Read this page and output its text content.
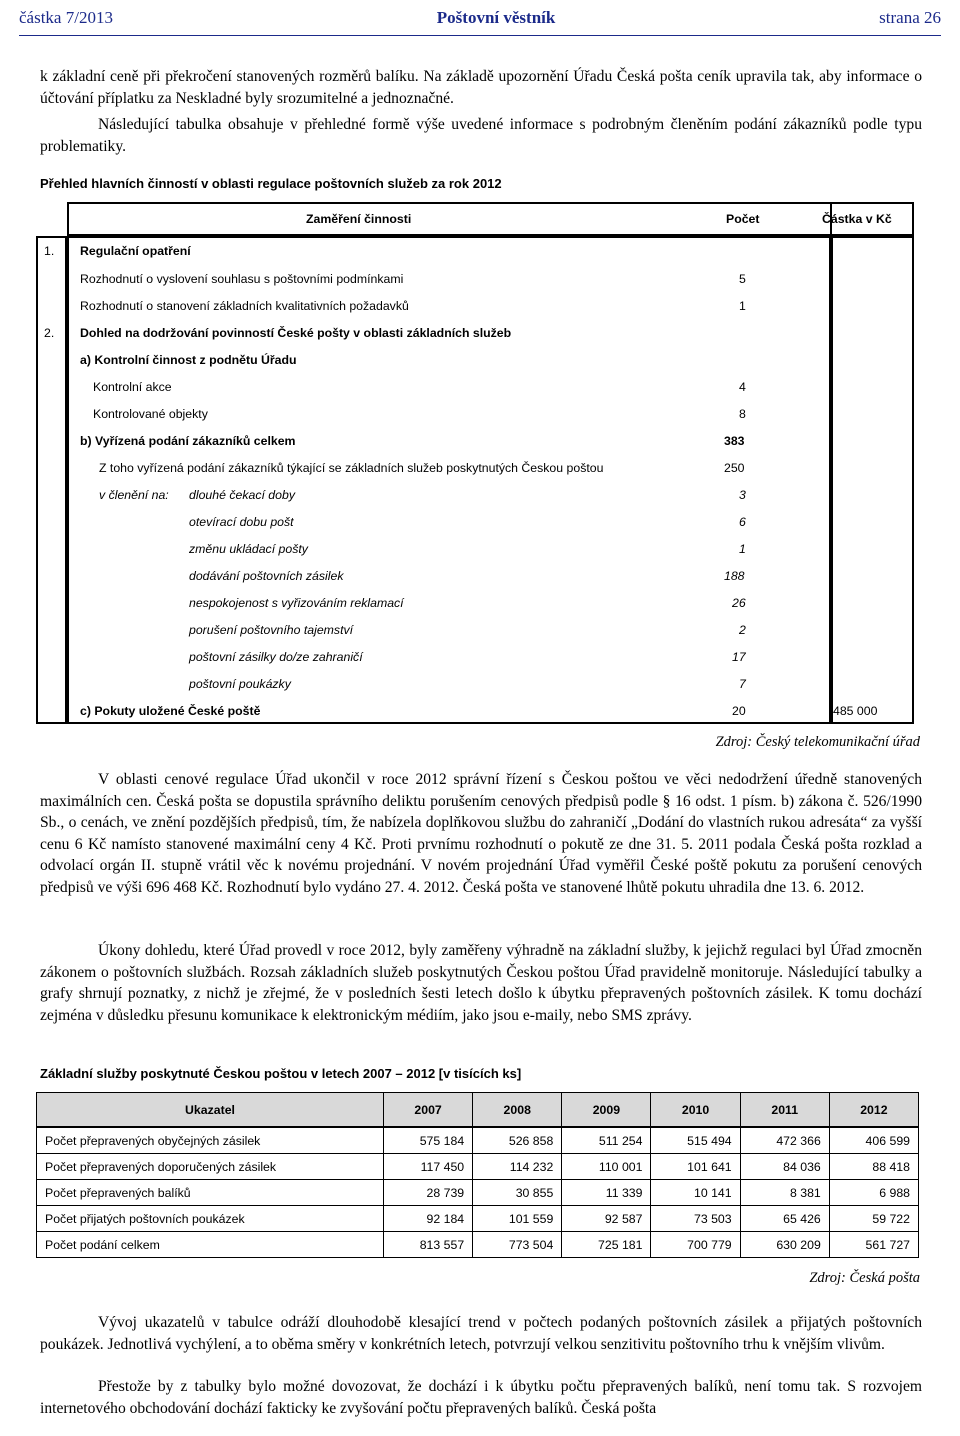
částka 7/2013	Poštovní věstník	strana 26

k základní ceně při překročení stanovených rozměrů balíku. Na základě upozornění Úřadu Česká pošta ceník upravila tak, aby informace o účtování příplatku za Neskladné byly srozumitelné a jednoznačné.

Následující tabulka obsahuje v přehledné formě výše uvedené informace s podrobným členěním podání zákazníků podle typu problematiky.

Přehled hlavních činností v oblasti regulace poštovních služeb za rok 2012

Zaměření činnosti	Počet	Částka v Kč
1. Regulační opatření
Rozhodnutí o vyslovení souhlasu s poštovními podmínkami	5
Rozhodnutí o stanovení základních kvalitativních požadavků	1
2. Dohled na dodržování povinností České pošty v oblasti základních služeb
a) Kontrolní činnost z podnětu Úřadu
Kontrolní akce	4
Kontrolované objekty	8
b) Vyřízená podání zákazníků celkem	383
Z toho vyřízená podání zákazníků týkající se základních služeb poskytnutých Českou poštou	250
v členění na: dlouhé čekací doby	3
otevírací dobu pošt	6
změnu ukládací pošty	1
dodávání poštovních zásilek	188
nespokojenost s vyřizováním reklamací	26
porušení poštovního tajemství	2
poštovní zásilky do/ze zahraničí	17
poštovní poukázky	7
c) Pokuty uložené České poště	20	485 000

Zdroj: Český telekomunikační úřad

V oblasti cenové regulace Úřad ukončil v roce 2012 správní řízení s Českou poštou ve věci nedodržení úředně stanovených maximálních cen. Česká pošta se dopustila správního deliktu porušením cenových předpisů podle § 16 odst. 1 písm. b) zákona č. 526/1990 Sb., o cenách, ve znění pozdějších předpisů, tím, že nabízela doplňkovou službu do zahraničí „Dodání do vlastních rukou adresáta“ za vyšší cenu 6 Kč namísto stanovené maximální ceny 4 Kč. Proti prvnímu rozhodnutí o pokutě ze dne 31. 5. 2011 podala Česká pošta rozklad a odvolací orgán II. stupně vrátil věc k novému projednání. V novém projednání Úřad vyměřil České poště pokutu za porušení cenových předpisů ve výši 696 468 Kč. Rozhodnutí bylo vydáno 27. 4. 2012. Česká pošta ve stanovené lhůtě pokutu uhradila dne 13. 6. 2012.

Úkony dohledu, které Úřad provedl v roce 2012, byly zaměřeny výhradně na základní služby, k jejichž regulaci byl Úřad zmocněn zákonem o poštovních službách. Rozsah základních služeb poskytnutých Českou poštou Úřad pravidelně monitoruje. Následující tabulky a grafy shrnují poznatky, z nichž je zřejmé, že v posledních šesti letech došlo k úbytku přepravených poštovních zásilek. K tomu dochází zejména v důsledku přesunu komunikace k elektronickým médiím, jako jsou e-maily, nebo SMS zprávy.

Základní služby poskytnuté Českou poštou v letech 2007 – 2012 [v tisících ks]

Ukazatel	2007	2008	2009	2010	2011	2012
Počet přepravených obyčejných zásilek	575 184	526 858	511 254	515 494	472 366	406 599
Počet přepravených doporučených zásilek	117 450	114 232	110 001	101 641	84 036	88 418
Počet přepravených balíků	28 739	30 855	11 339	10 141	8 381	6 988
Počet přijatých poštovních poukázek	92 184	101 559	92 587	73 503	65 426	59 722
Počet podání celkem	813 557	773 504	725 181	700 779	630 209	561 727

Zdroj: Česká pošta

Vývoj ukazatelů v tabulce odráží dlouhodobě klesající trend v počtech podaných poštovních zásilek a přijatých poštovních poukázek. Jednotlivá vychýlení, a to oběma směry v konkrétních letech, potvrzují velkou senzitivitu poštovního trhu k vnějším vlivům.

Přestože by z tabulky bylo možné dovozovat, že dochází i k úbytku počtu přepravených balíků, není tomu tak. S rozvojem internetového obchodování dochází fakticky ke zvyšování počtu přepravených balíků. Česká pošta
